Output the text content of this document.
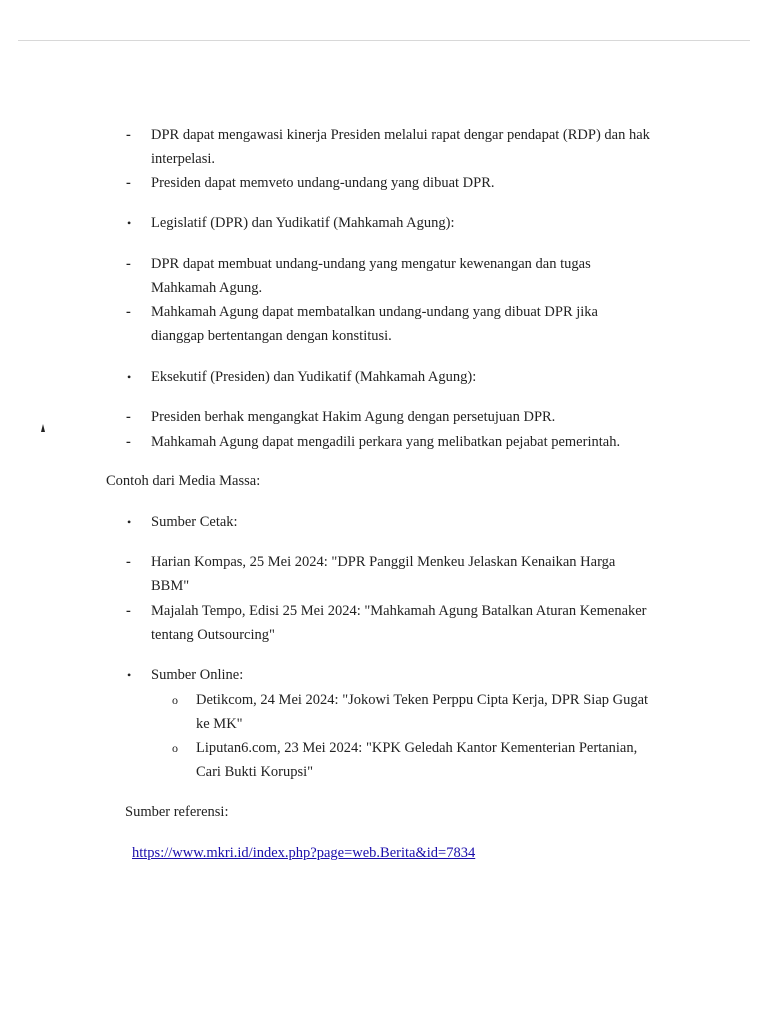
- DPR dapat mengawasi kinerja Presiden melalui rapat dengar pendapat (RDP) dan hak
interpelasi.
- Presiden dapat memveto undang-undang yang dibuat DPR.
• Legislatif (DPR) dan Yudikatif (Mahkamah Agung):
- DPR dapat membuat undang-undang yang mengatur kewenangan dan tugas
Mahkamah Agung.
- Mahkamah Agung dapat membatalkan undang-undang yang dibuat DPR jika
dianggap bertentangan dengan konstitusi.
• Eksekutif (Presiden) dan Yudikatif (Mahkamah Agung):
- Presiden berhak mengangkat Hakim Agung dengan persetujuan DPR.
- Mahkamah Agung dapat mengadili perkara yang melibatkan pejabat pemerintah.
Contoh dari Media Massa:
• Sumber Cetak:
- Harian Kompas, 25 Mei 2024: "DPR Panggil Menkeu Jelaskan Kenaikan Harga
BBM"
- Majalah Tempo, Edisi 25 Mei 2024: "Mahkamah Agung Batalkan Aturan Kemenaker
tentang Outsourcing"
• Sumber Online:
o Detikcom, 24 Mei 2024: "Jokowi Teken Perppu Cipta Kerja, DPR Siap Gugat
ke MK"
o Liputan6.com, 23 Mei 2024: "KPK Geledah Kantor Kementerian Pertanian,
Cari Bukti Korupsi"
Sumber referensi:
https://www.mkri.id/index.php?page=web.Berita&id=7834
